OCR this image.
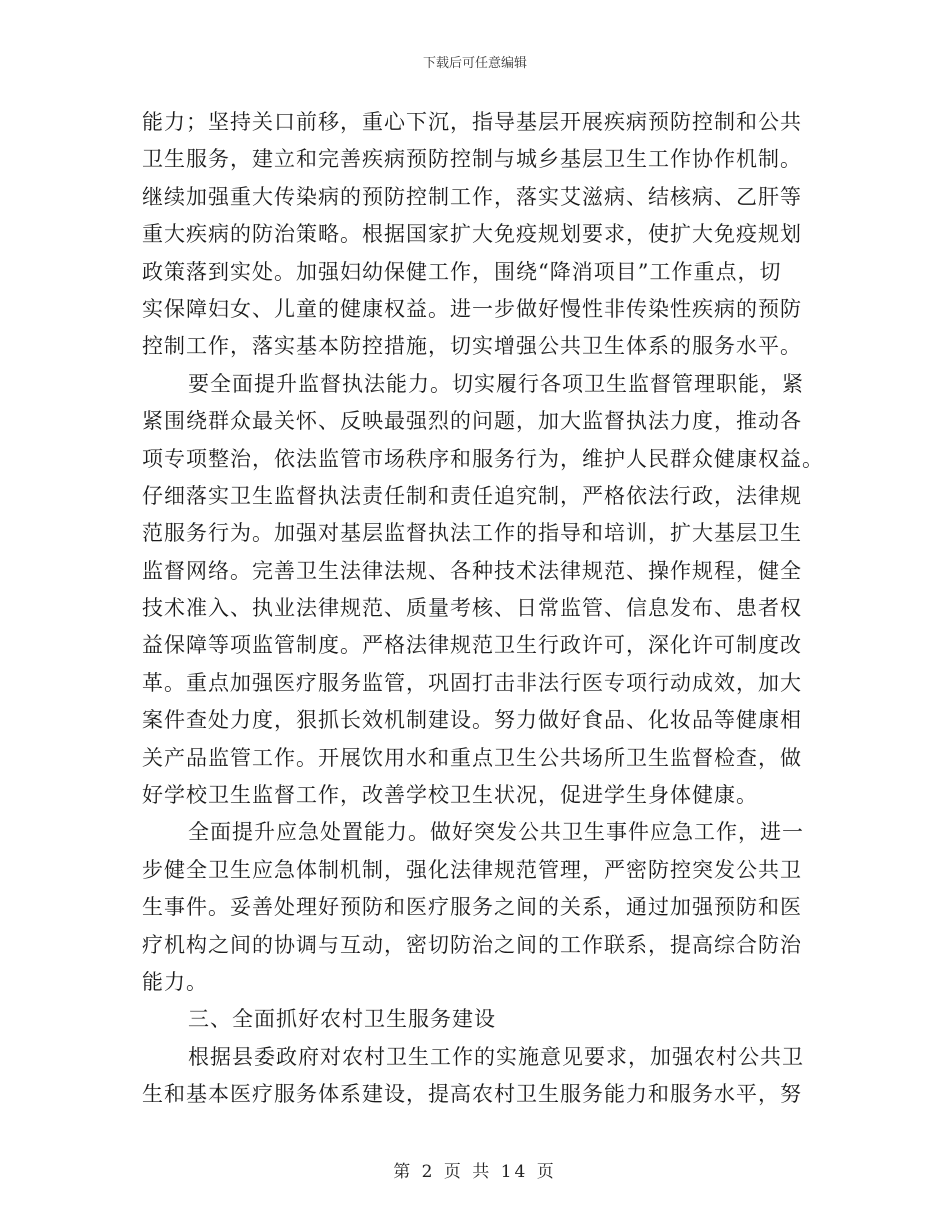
下载后可任意编辑
能力；坚持关口前移，重心下沉，指导基层开展疾病预防控制和公共
卫生服务，建立和完善疾病预防控制与城乡基层卫生工作协作机制。
继续加强重大传染病的预防控制工作，落实艾滋病、结核病、乙肝等
重大疾病的防治策略。根据国家扩大免疫规划要求，使扩大免疫规划
政策落到实处。加强妇幼保健工作，围绕“降消项目”工作重点，切
实保障妇女、儿童的健康权益。进一步做好慢性非传染性疾病的预防
控制工作，落实基本防控措施，切实增强公共卫生体系的服务水平。
要全面提升监督执法能力。切实履行各项卫生监督管理职能，紧
紧围绕群众最关怀、反映最强烈的问题，加大监督执法力度，推动各
项专项整治，依法监管市场秩序和服务行为，维护人民群众健康权益。
仔细落实卫生监督执法责任制和责任追究制，严格依法行政，法律规
范服务行为。加强对基层监督执法工作的指导和培训，扩大基层卫生
监督网络。完善卫生法律法规、各种技术法律规范、操作规程，健全
技术准入、执业法律规范、质量考核、日常监管、信息发布、患者权
益保障等项监管制度。严格法律规范卫生行政许可，深化许可制度改
革。重点加强医疗服务监管，巩固打击非法行医专项行动成效，加大
案件查处力度，狠抓长效机制建设。努力做好食品、化妆品等健康相
关产品监管工作。开展饮用水和重点卫生公共场所卫生监督检查，做
好学校卫生监督工作，改善学校卫生状况，促进学生身体健康。
全面提升应急处置能力。做好突发公共卫生事件应急工作，进一
步健全卫生应急体制机制，强化法律规范管理，严密防控突发公共卫
生事件。妥善处理好预防和医疗服务之间的关系，通过加强预防和医
疗机构之间的协调与互动，密切防治之间的工作联系，提高综合防治
能力。
三、全面抓好农村卫生服务建设
根据县委政府对农村卫生工作的实施意见要求，加强农村公共卫
生和基本医疗服务体系建设，提高农村卫生服务能力和服务水平，努
第 2 页 共 14 页
